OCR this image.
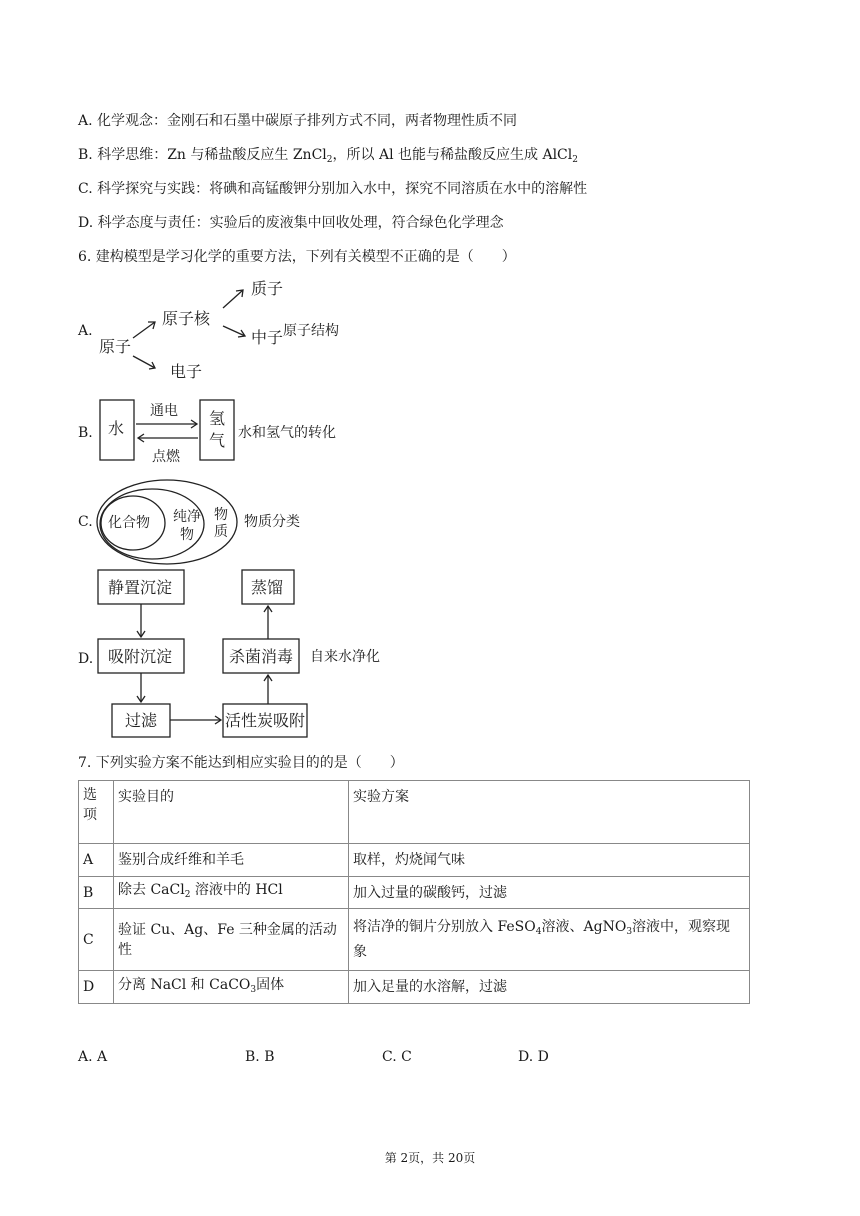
A. 化学观念：金刚石和石墨中碳原子排列方式不同，两者物理性质不同
B. 科学思维：Zn 与稀盐酸反应生 ZnCl$_2$，所以 Al 也能与稀盐酸反应生成 AlCl$_2$
C. 科学探究与实践：将碘和高锰酸钾分别加入水中，探究不同溶质在水中的溶解性
D. 科学态度与责任：实验后的废液集中回收处理，符合绿色化学理念
6. 建构模型是学习化学的重要方法，下列有关模型不正确的是（　　）
A.
原子
原子核
质子
中子
电子
原子结构
B. 水
氢
气
通电
点燃
水和氢气的转化
C. 化合物 纯净
物
物
质
物质分类
D.
静置沉淀
吸附沉淀
过滤	活性炭吸附
杀菌消毒
蒸馏
自来水净化
7. 下列实验方案不能达到相应实验目的的是（　　）
选
项	实验目的	实验方案
A	鉴别合成纤维和羊毛	取样，灼烧闻气味
B	除去 CaCl$_2$ 溶液中的 HCl	加入过量的碳酸钙，过滤
C	验证 Cu、Ag、Fe 三种金属的活动性	将洁净的铜片分别放入 FeSO$_4$溶液、AgNO$_3$溶液中，观察现
象

D	分离 NaCl 和 CaCO$_3$固体	加入足量的水溶解，过滤
A. A	B. B	C. C	D. D
第 2页，共 20页
